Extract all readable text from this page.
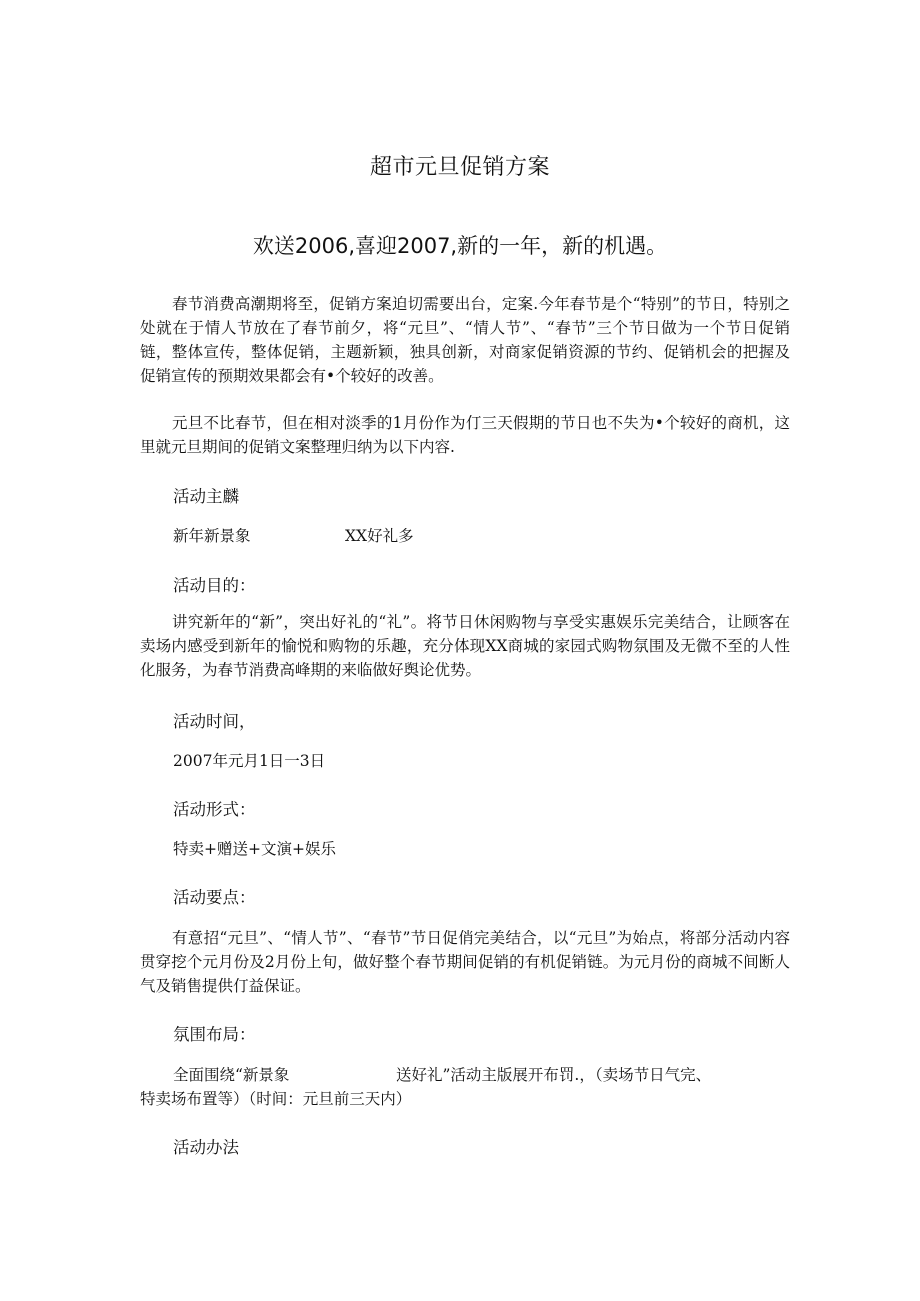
超市元旦促销方案
欢送2006,喜迎2007,新的一年，新的机遇。

春节消费高潮期将至，促销方案迫切需要出台，定案.今年春节是个“特别”的节日，特别之处就在于情人节放在了春节前夕，将“元旦”、“情人节”、“春节”三个节日做为一个节日促销链，整体宣传，整体促销，主题新颖，独具创新，对商家促销资源的节约、促销机会的把握及促销宣传的预期效果都会有•个较好的改善。

元旦不比春节，但在相对淡季的1月份作为仃三天假期的节日也不失为•个较好的商机，这里就元旦期间的促销文案整理归纳为以下内容.

活动主麟
新年新景象	XX好礼多
活动目的：

讲究新年的“新”，突出好礼的“礼”。将节日休闲购物与享受实惠娱乐完美结合，让顾客在卖场内感受到新年的愉悦和购物的乐趣，充分体现XX商城的家园式购物氛围及无微不至的人性化服务，为春节消费高峰期的来临做好舆论优势。

活动时间，
2007年元月1日一3日
活动形式：
特卖+赠送+文演+娱乐
活动要点：

有意招“元旦”、“情人节”、“春节”节日促俏完美结合，以“元旦”为始点，将部分活动内容贯穿挖个元月份及2月份上旬，做好整个春节期间促销的有机促销链。为元月份的商城不间断人气及销售提供仃益保证。

氛围布局：
全面围绕“新景象	送好礼”活动主版展开布罚.，（卖场节日气完、
特卖场布置等）（时间：元旦前三天内）
活动办法
